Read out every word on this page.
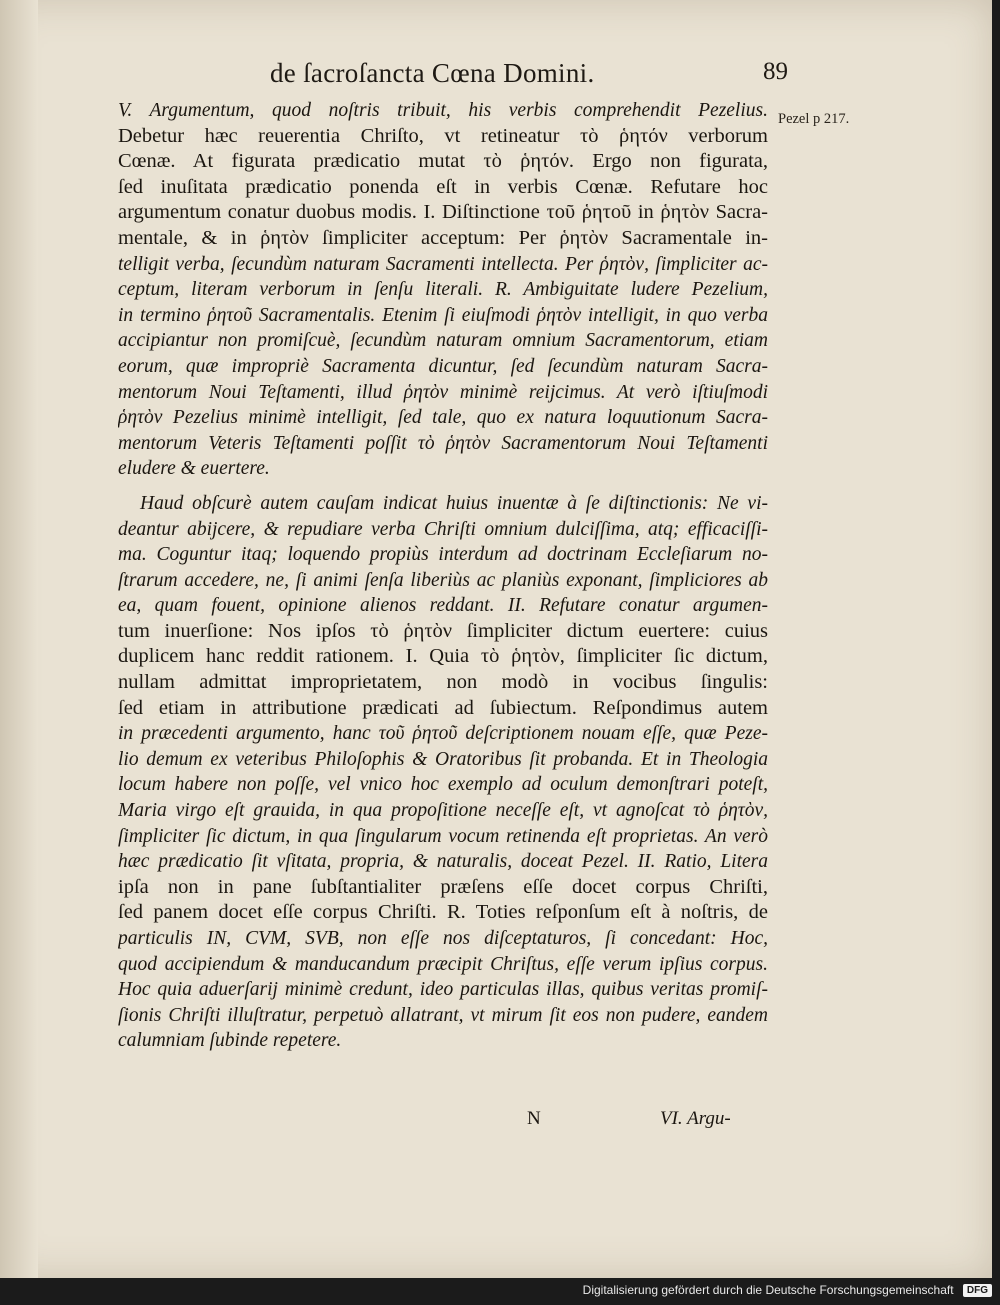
de ſacroſancta Cœna Domini.	89
Pezel p 217.
V. Argumentum, quod noſtris tribuit, his verbis comprehendit Pezelius.
Debetur hæc reuerentia Chriſto, vt retineatur τὸ ῥητόν verborum
Cœnæ. At figurata prædicatio mutat τὸ ῥητόν. Ergo non figurata,
ſed inuſitata prædicatio ponenda eſt in verbis Cœnæ. Refutare hoc
argumentum conatur duobus modis. I. Diſtinctione τοῦ ῥητοῦ in ῥητὸν Sacra-
mentale, & in ῥητὸν ſimpliciter acceptum: Per ῥητὸν Sacramentale in-
telligit verba, ſecundùm naturam Sacramenti intellecta. Per ῥητὸν, ſimpliciter ac-
ceptum, literam verborum in ſenſu literali. R. Ambiguitate ludere Pezelium,
in termino ῥητοῦ Sacramentalis. Etenim ſi eiuſmodi ῥητὸν intelligit, in quo verba
accipiantur non promiſcuè, ſecundùm naturam omnium Sacramentorum, etiam
eorum, quæ impropriè Sacramenta dicuntur, ſed ſecundùm naturam Sacra-
mentorum Noui Teſtamenti, illud ῥητὸν minimè reijcimus. At verò iſtiuſmodi
ῥητὸν Pezelius minimè intelligit, ſed tale, quo ex natura loquutionum Sacra-
mentorum Veteris Teſtamenti poſſit τὸ ῥητὸν Sacramentorum Noui Teſtamenti
eludere & euertere.
Haud obſcurè autem cauſam indicat huius inuentæ à ſe diſtinctionis: Ne vi-
deantur abijcere, & repudiare verba Chriſti omnium dulciſſima, atq; efficaciſſi-
ma. Coguntur itaq; loquendo propiùs interdum ad doctrinam Eccleſiarum no-
ſtrarum accedere, ne, ſi animi ſenſa liberiùs ac planiùs exponant, ſimpliciores ab
ea, quam fouent, opinione alienos reddant. II. Refutare conatur argumen-
tum inuerſione: Nos ipſos τὸ ῥητὸν ſimpliciter dictum euertere: cuius
duplicem hanc reddit rationem. I. Quia τὸ ῥητὸν, ſimpliciter ſic dictum,
nullam admittat improprietatem, non modò in vocibus ſingulis:
ſed etiam in attributione prædicati ad ſubiectum. Reſpondimus autem
in præcedenti argumento, hanc τοῦ ῥητοῦ deſcriptionem nouam eſſe, quæ Peze-
lio demum ex veteribus Philoſophis & Oratoribus ſit probanda. Et in Theologia
locum habere non poſſe, vel vnico hoc exemplo ad oculum demonſtrari poteſt,
Maria virgo eſt grauida, in qua propoſitione neceſſe eſt, vt agnoſcat τὸ ῥητὸν,
ſimpliciter ſic dictum, in qua ſingularum vocum retinenda eſt proprietas. An verò
hæc prædicatio ſit vſitata, propria, & naturalis, doceat Pezel. II. Ratio, Litera
ipſa non in pane ſubſtantialiter præſens eſſe docet corpus Chriſti,
ſed panem docet eſſe corpus Chriſti. R. Toties reſponſum eſt à noſtris, de
particulis IN, CVM, SVB, non eſſe nos diſceptaturos, ſi concedant: Hoc,
quod accipiendum & manducandum præcipit Chriſtus, eſſe verum ipſius corpus.
Hoc quia aduerſarij minimè credunt, ideo particulas illas, quibus veritas promiſ-
ſionis Chriſti illuſtratur, perpetuò allatrant, vt mirum ſit eos non pudere, eandem
calumniam ſubinde repetere.
N	VI. Argu-
Digitalisierung gefördert durch die Deutsche Forschungsgemeinschaft DFG
